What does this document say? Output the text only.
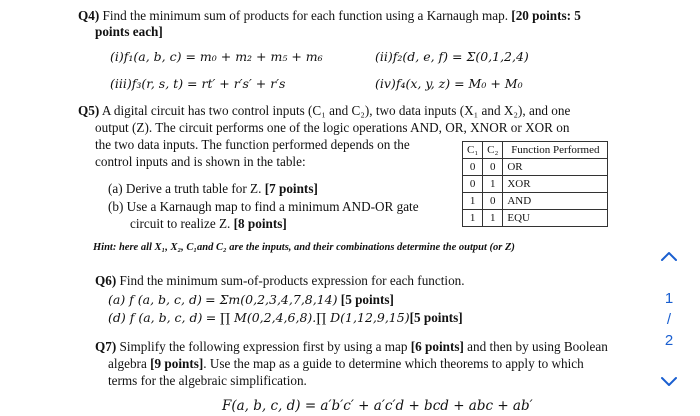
Q4) Find the minimum sum of products for each function using a Karnaugh map. [20 points: 5
points each]
(i)f₁(a, b, c) = m₀ + m₂ + m₅ + m₆	(ii)f₂(d, e, f) = Σ(0,1,2,4)
(iii)f₃(r, s, t) = rt′ + r′s′ + r′s	(iv)f₄(x, y, z) = M₀ + M₀
Q5) A digital circuit has two control inputs (C₁ and C₂), two data inputs (X₁ and X₂), and one
output (Z). The circuit performs one of the logic operations AND, OR, XNOR or XOR on
the two data inputs. The function performed depends on the
control inputs and is shown in the table:
C₁	C₂	Function Performed
0	0	OR
0	1	XOR
1	0	AND
1	1	EQU
(a) Derive a truth table for Z. [7 points]
(b) Use a Karnaugh map to find a minimum AND-OR gate
circuit to realize Z. [8 points]
Hint: here all X₁, X₂, C₁and C₂ are the inputs, and their combinations determine the output (or Z)
Q6) Find the minimum sum-of-products expression for each function.
(a) f (a, b, c, d) = Σm(0,2,3,4,7,8,14) [5 points]
(d) f (a, b, c, d) = ∏ M(0,2,4,6,8).∏ D(1,12,9,15)[5 points]
Q7) Simplify the following expression first by using a map [6 points] and then by using Boolean
algebra [9 points]. Use the map as a guide to determine which theorems to apply to which
terms for the algebraic simplification.
F(a, b, c, d) = a′b′c′ + a′c′d + bcd + abc + ab′
1
/
2
